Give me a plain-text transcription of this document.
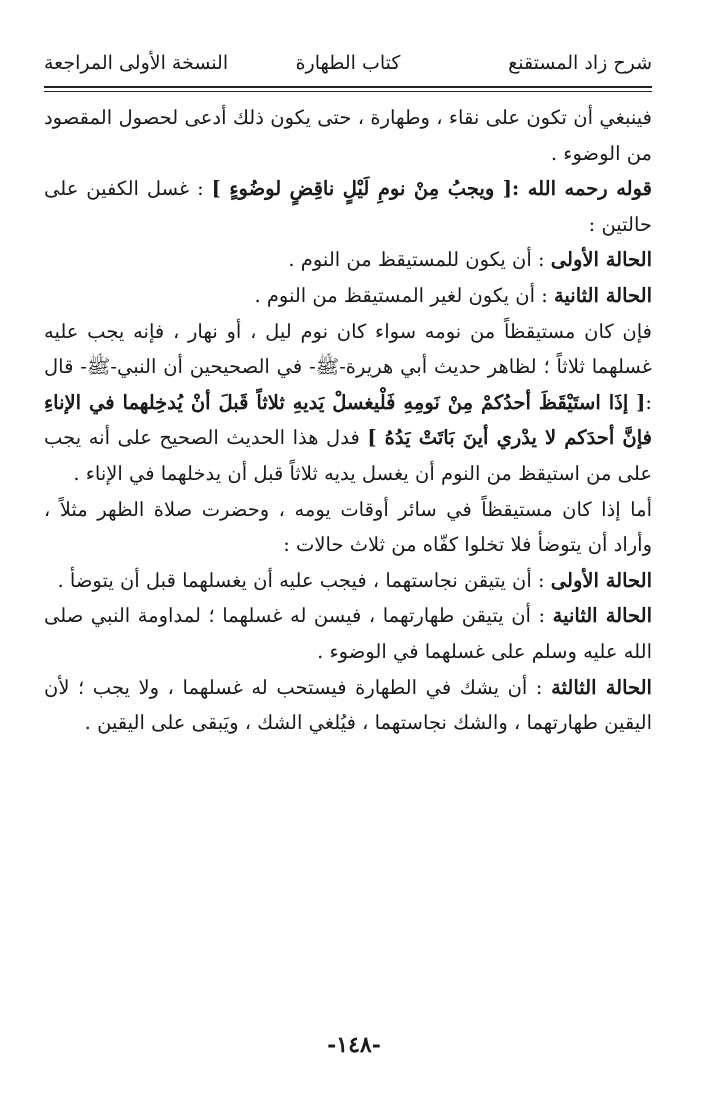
شرح زاد المستقنع
كتاب الطهارة
النسخة الأولى المراجعة

فينبغي أن تكون على نقاء ، وطهارة ، حتى يكون ذلك أدعى لحصول المقصود من الوضوء .

قوله رحمه الله :[ ويجبُ مِنْ نومِ لَيْلٍ ناقِضٍ لوضُوءٍ ] : غسل الكفين على حالتين :

الحالة الأولى : أن يكون للمستيقظ من النوم .

الحالة الثانية : أن يكون لغير المستيقظ من النوم .

فإن كان مستيقظاً من نومه سواء كان نوم ليل ، أو نهار ، فإنه يجب عليه غسلهما ثلاثاً ؛ لظاهر حديث أبي هريرة-ﷺ- في الصحيحين أن النبي-ﷺ- قال :[ إذَا استَيْقَظَ أحدُكمْ مِنْ نَومِهِ فَلْيغسلْ يَديهِ ثلاثاً قَبلَ أنْ يُدخِلهما في الإناءِ فإنَّ أحدَكم لا يدْري أينَ بَاتَتْ يَدُهُ ] فدل هذا الحديث الصحيح على أنه يجب على من استيقظ من النوم أن يغسل يديه ثلاثاً قبل أن يدخلهما في الإناء .

أما إذا كان مستيقظاً في سائر أوقات يومه ، وحضرت صلاة الظهر مثلاً ، وأراد أن يتوضأ فلا تخلوا كفّاه من ثلاث حالات :

الحالة الأولى : أن يتيقن نجاستهما ، فيجب عليه أن يغسلهما قبل أن يتوضأ .

الحالة الثانية : أن يتيقن طهارتهما ، فيسن له غسلهما ؛ لمداومة النبي صلى الله عليه وسلم على غسلهما في الوضوء .

الحالة الثالثة : أن يشك في الطهارة فيستحب له غسلهما ، ولا يجب ؛ لأن اليقين طهارتهما ، والشك نجاستهما ، فيُلغي الشك ، ويَبقى على اليقين .

-١٤٨-
